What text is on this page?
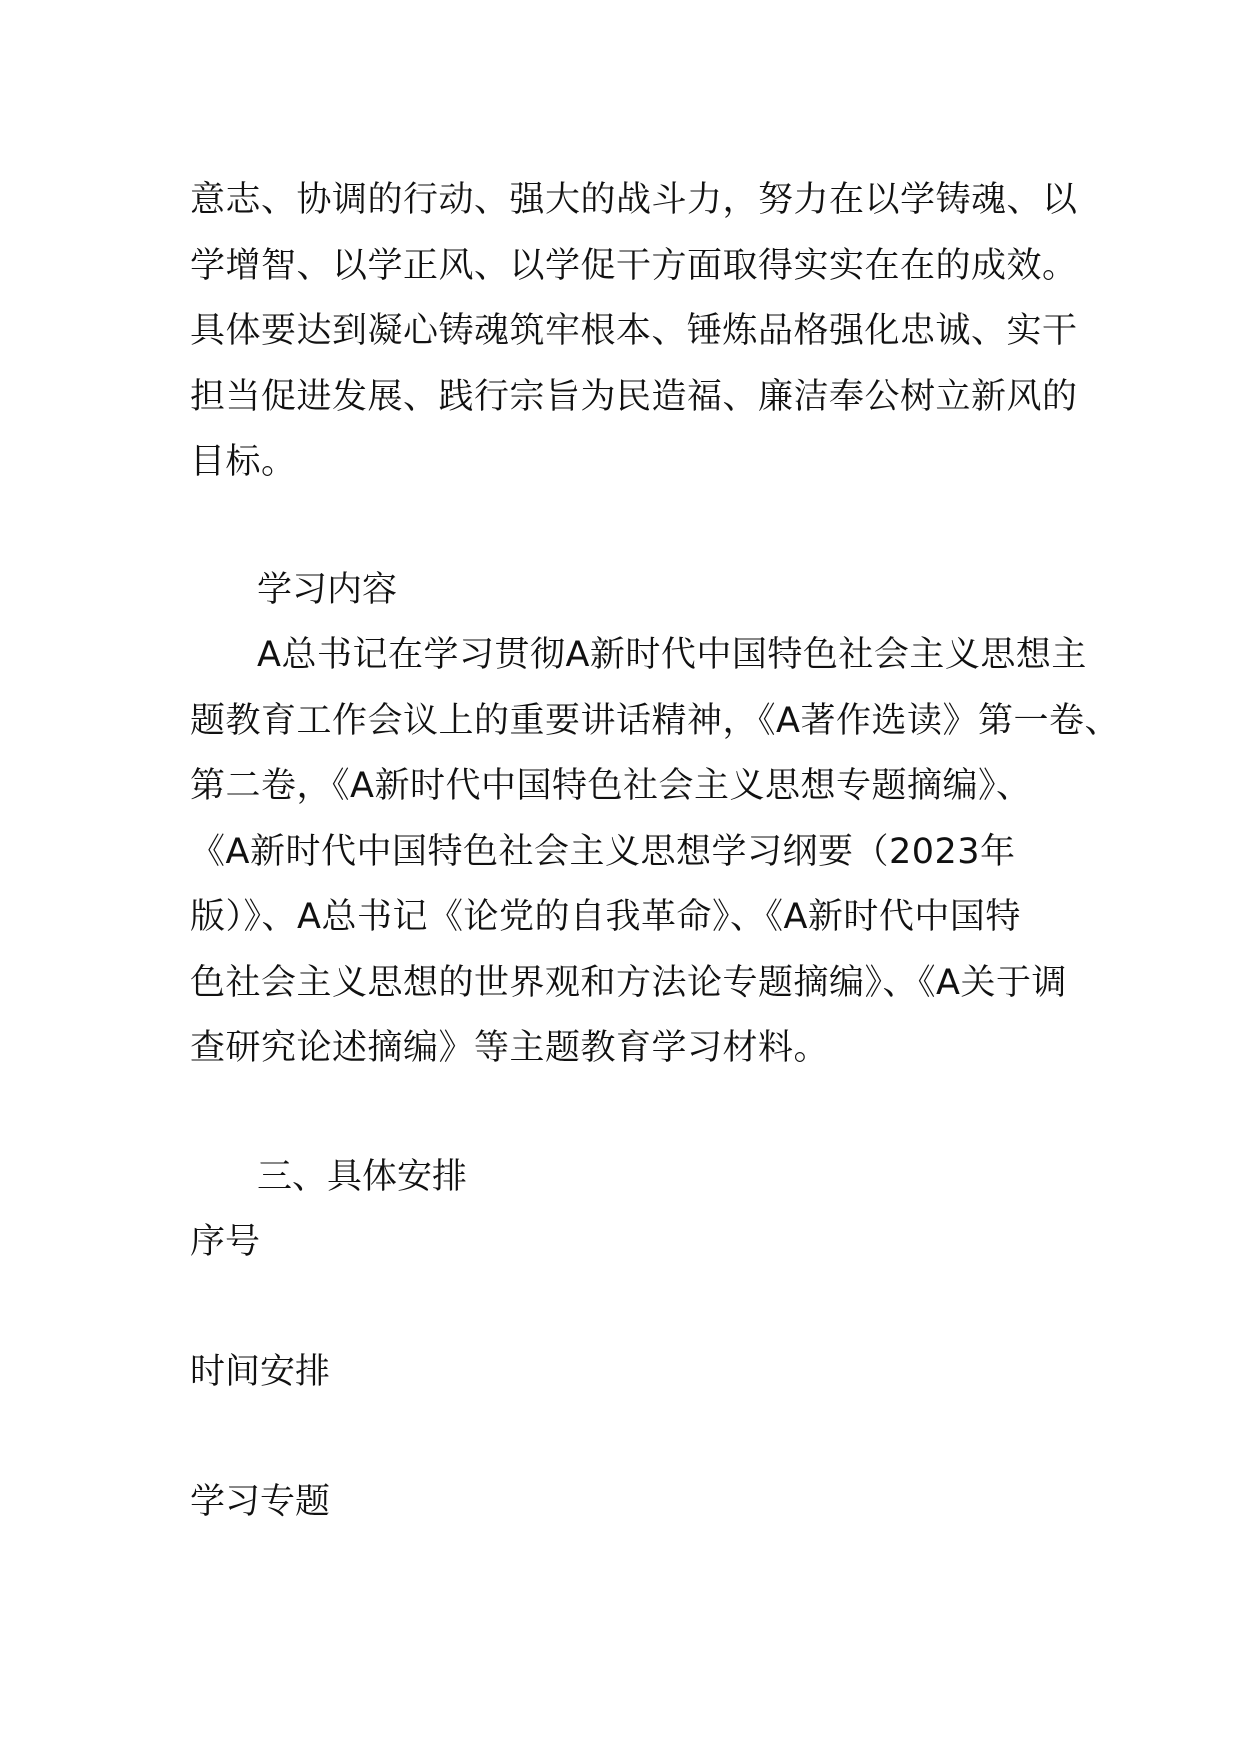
意志、协调的行动、强大的战斗力，努力在以学铸魂、以
学增智、以学正风、以学促干方面取得实实在在的成效。
具体要达到凝心铸魂筑牢根本、锤炼品格强化忠诚、实干
担当促进发展、践行宗旨为民造福、廉洁奉公树立新风的
目标。
学习内容
A总书记在学习贯彻A新时代中国特色社会主义思想主
题教育工作会议上的重要讲话精神，《A著作选读》第一卷、
第二卷，《A新时代中国特色社会主义思想专题摘编》、
《A新时代中国特色社会主义思想学习纲要（2023年
版）》、A总书记《论党的自我革命》、《A新时代中国特
色社会主义思想的世界观和方法论专题摘编》、《A关于调
查研究论述摘编》等主题教育学习材料。
三、具体安排
序号
时间安排
学习专题
